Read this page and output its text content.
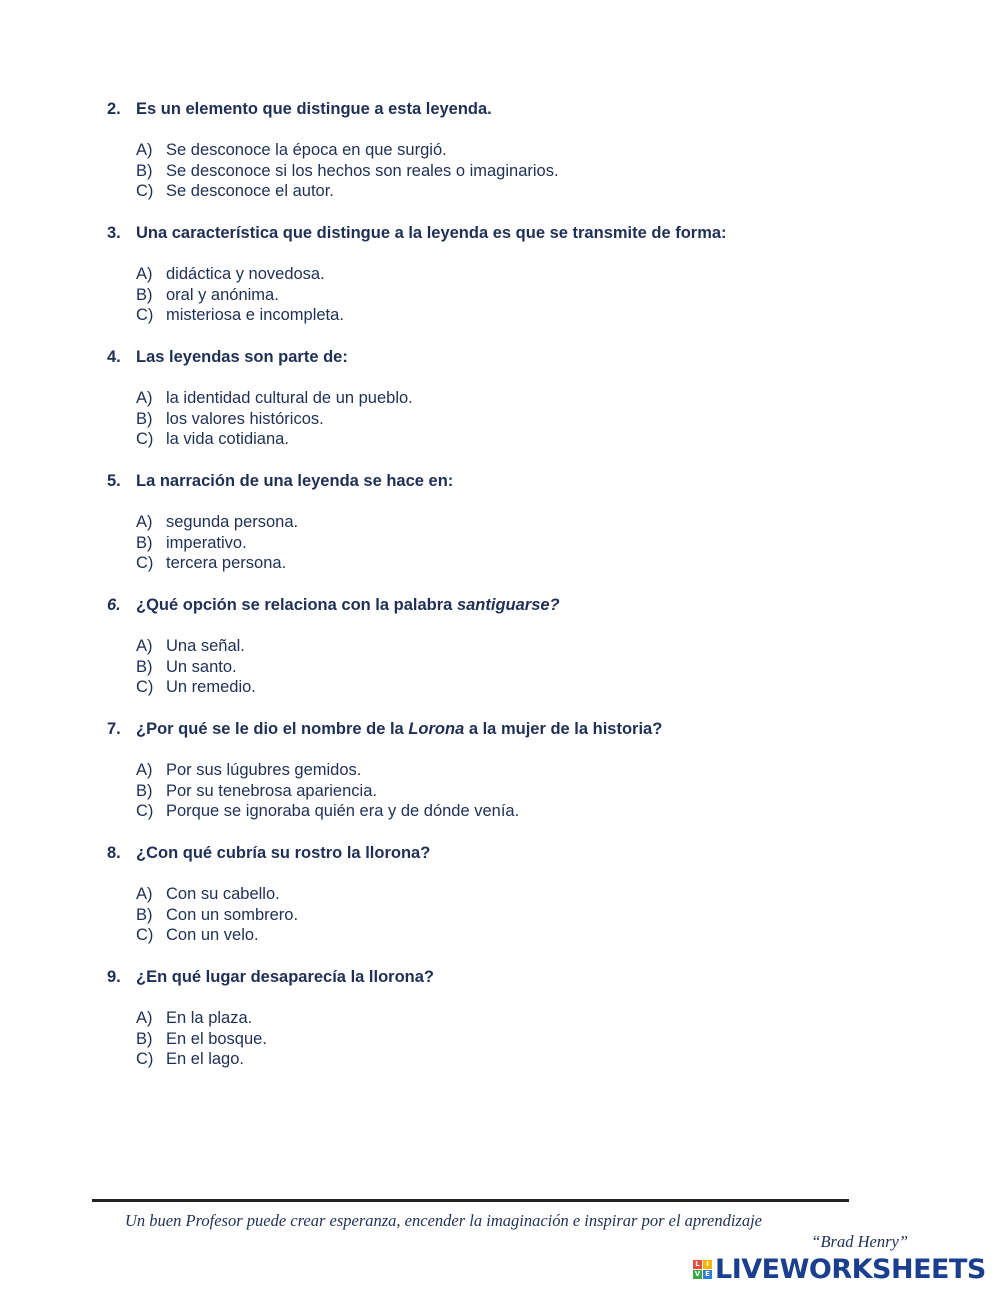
2. Es un elemento que distingue a esta leyenda.
A) Se desconoce la época en que surgió.
B) Se desconoce si los hechos son reales o imaginarios.
C) Se desconoce el autor.
3. Una característica que distingue a la leyenda es que se transmite de forma:
A) didáctica y novedosa.
B) oral y anónima.
C) misteriosa e incompleta.
4. Las leyendas son parte de:
A) la identidad cultural de un pueblo.
B) los valores históricos.
C) la vida cotidiana.
5. La narración de una leyenda se hace en:
A) segunda persona.
B) imperativo.
C) tercera persona.
6. ¿Qué opción se relaciona con la palabra santiguarse?
A) Una señal.
B) Un santo.
C) Un remedio.
7. ¿Por qué se le dio el nombre de la Lorona a la mujer de la historia?
A) Por sus lúgubres gemidos.
B) Por su tenebrosa apariencia.
C) Porque se ignoraba quién era y de dónde venía.
8. ¿Con qué cubría su rostro la llorona?
A) Con su cabello.
B) Con un sombrero.
C) Con un velo.
9. ¿En qué lugar desaparecía la llorona?
A) En la plaza.
B) En el bosque.
C) En el lago.
Un buen Profesor puede crear esperanza, encender la imaginación e inspirar por el aprendizaje
“Brad Henry”
L I
V E LIVEWORKSHEETS
